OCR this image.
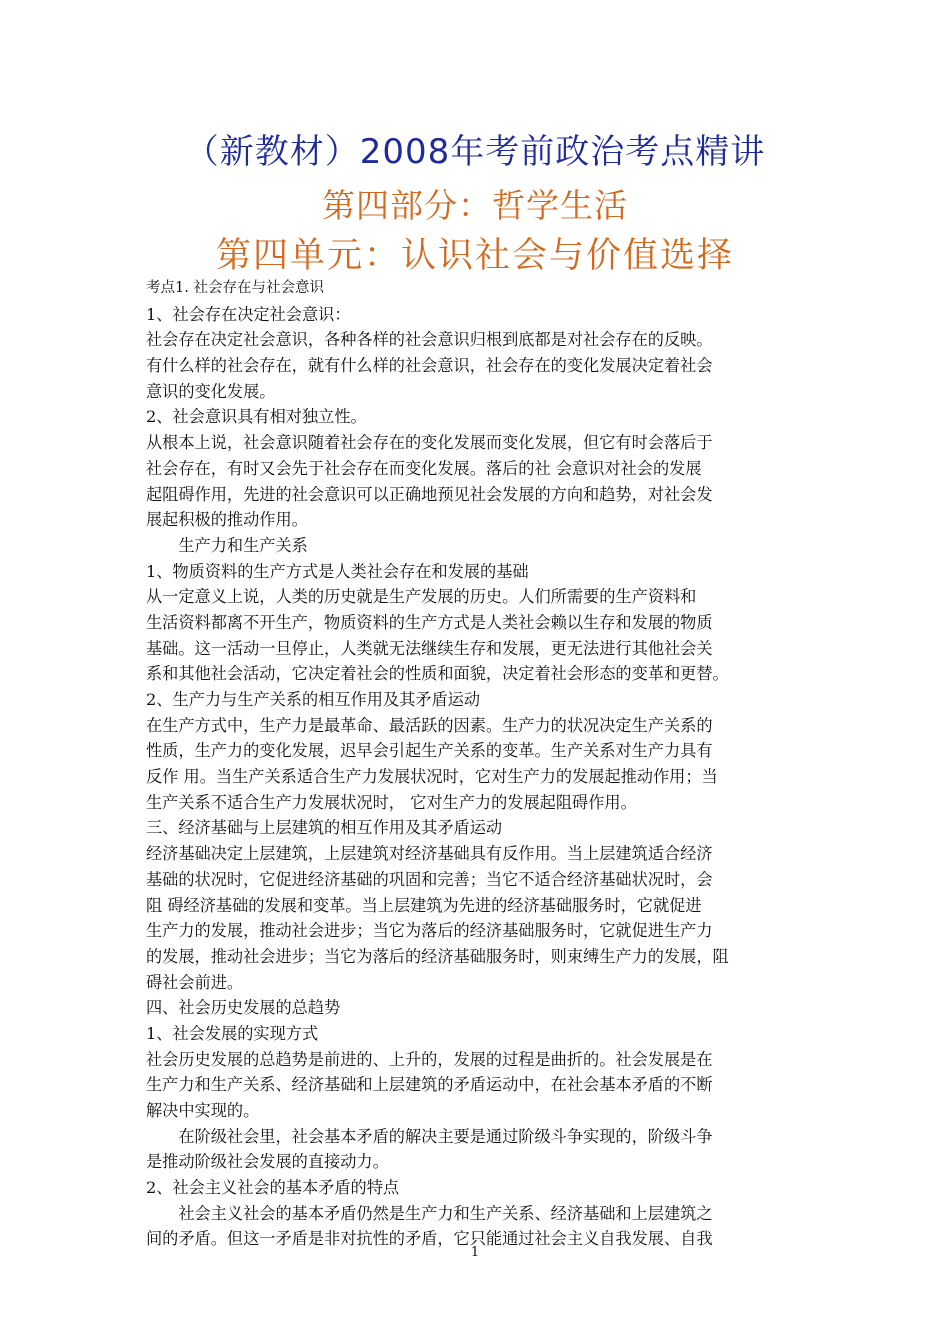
（新教材）2008年考前政治考点精讲
第四部分：哲学生活
第四单元：认识社会与价值选择
考点1. 社会存在与社会意识
1、社会存在决定社会意识：
社会存在决定社会意识，各种各样的社会意识归根到底都是对社会存在的反映。
有什么样的社会存在，就有什么样的社会意识，社会存在的变化发展决定着社会
意识的变化发展。
2、社会意识具有相对独立性。
从根本上说，社会意识随着社会存在的变化发展而变化发展，但它有时会落后于
社会存在，有时又会先于社会存在而变化发展。落后的社 会意识对社会的发展
起阻碍作用，先进的社会意识可以正确地预见社会发展的方向和趋势，对社会发
展起积极的推动作用。
　　生产力和生产关系
1、物质资料的生产方式是人类社会存在和发展的基础
从一定意义上说，人类的历史就是生产发展的历史。人们所需要的生产资料和
生活资料都离不开生产，物质资料的生产方式是人类社会赖以生存和发展的物质
基础。这一活动一旦停止，人类就无法继续生存和发展，更无法进行其他社会关
系和其他社会活动，它决定着社会的性质和面貌，决定着社会形态的变革和更替。
2、生产力与生产关系的相互作用及其矛盾运动
在生产方式中，生产力是最革命、最活跃的因素。生产力的状况决定生产关系的
性质，生产力的变化发展，迟早会引起生产关系的变革。生产关系对生产力具有
反作 用。当生产关系适合生产力发展状况时，它对生产力的发展起推动作用；当
生产关系不适合生产力发展状况时， 它对生产力的发展起阻碍作用。
三、经济基础与上层建筑的相互作用及其矛盾运动
经济基础决定上层建筑，上层建筑对经济基础具有反作用。当上层建筑适合经济
基础的状况时，它促进经济基础的巩固和完善；当它不适合经济基础状况时，会
阻 碍经济基础的发展和变革。当上层建筑为先进的经济基础服务时，它就促进
生产力的发展，推动社会进步；当它为落后的经济基础服务时，它就促进生产力
的发展，推动社会进步；当它为落后的经济基础服务时，则束缚生产力的发展，阻
碍社会前进。
四、社会历史发展的总趋势
1、社会发展的实现方式
社会历史发展的总趋势是前进的、上升的，发展的过程是曲折的。社会发展是在
生产力和生产关系、经济基础和上层建筑的矛盾运动中，在社会基本矛盾的不断
解决中实现的。
　　在阶级社会里，社会基本矛盾的解决主要是通过阶级斗争实现的，阶级斗争
是推动阶级社会发展的直接动力。
2、社会主义社会的基本矛盾的特点
　　社会主义社会的基本矛盾仍然是生产力和生产关系、经济基础和上层建筑之
间的矛盾。但这一矛盾是非对抗性的矛盾，它只能通过社会主义自我发展、自我
1
